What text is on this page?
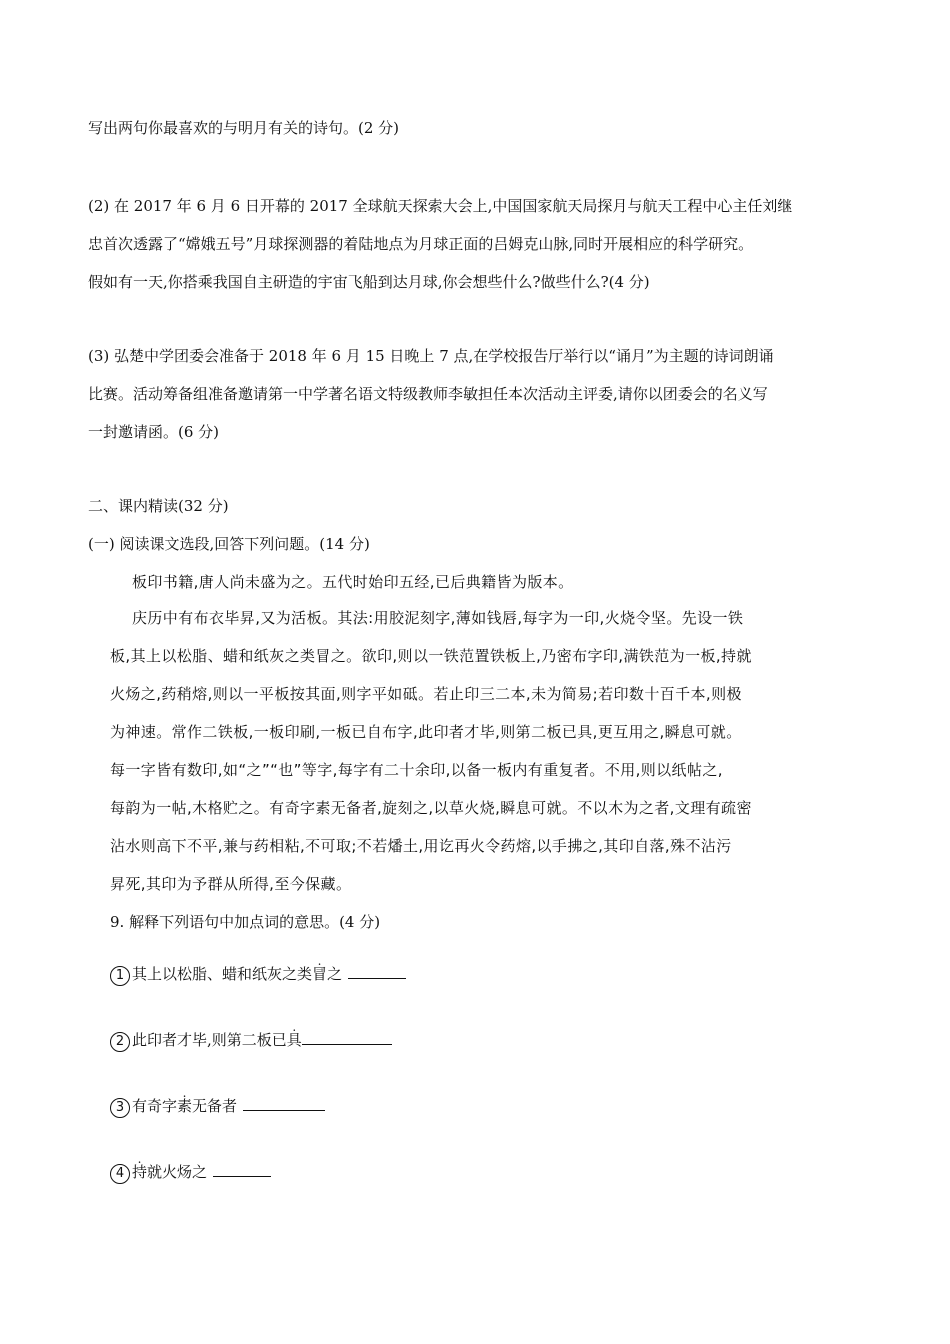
写出两句你最喜欢的与明月有关的诗句。(2 分)
(2) 在 2017 年 6 月 6 日开幕的 2017 全球航天探索大会上,中国国家航天局探月与航天工程中心主任刘继
忠首次透露了“嫦娥五号”月球探测器的着陆地点为月球正面的吕姆克山脉,同时开展相应的科学研究。
假如有一天,你搭乘我国自主研造的宇宙飞船到达月球,你会想些什么?做些什么?(4 分)
(3) 弘楚中学团委会准备于 2018 年 6 月 15 日晚上 7 点,在学校报告厅举行以“诵月”为主题的诗词朗诵
比赛。活动筹备组准备邀请第一中学著名语文特级教师李敏担任本次活动主评委,请你以团委会的名义写
一封邀请函。(6 分)
二、课内精读(32 分)
(一) 阅读课文选段,回答下列问题。(14 分)
板印书籍,唐人尚未盛为之。五代时始印五经,已后典籍皆为版本。
庆历中有布衣毕昇,又为活板。其法:用胶泥刻字,薄如钱唇,每字为一印,火烧令坚。先设一铁
板,其上以松脂、蜡和纸灰之类冒之。欲印,则以一铁范置铁板上,乃密布字印,满铁范为一板,持就
火炀之,药稍熔,则以一平板按其面,则字平如砥。若止印三二本,未为简易;若印数十百千本,则极
为神速。常作二铁板,一板印刷,一板已自布字,此印者才毕,则第二板已具,更互用之,瞬息可就。
每一字皆有数印,如“之”“也”等字,每字有二十余印,以备一板内有重复者。不用,则以纸帖之,
每韵为一帖,木格贮之。有奇字素无备者,旋刻之,以草火烧,瞬息可就。不以木为之者,文理有疏密
沾水则高下不平,兼与药相粘,不可取;不若燔土,用讫再火令药熔,以手拂之,其印自落,殊不沾污
昇死,其印为予群从所得,至今保藏。
9. 解释下列语句中加点词的意思。(4 分)
1 其上以松脂、蜡和纸灰之类冒之
2 此印者才毕,则第二板已具
3 有奇字素无备者
4 持就火炀之
